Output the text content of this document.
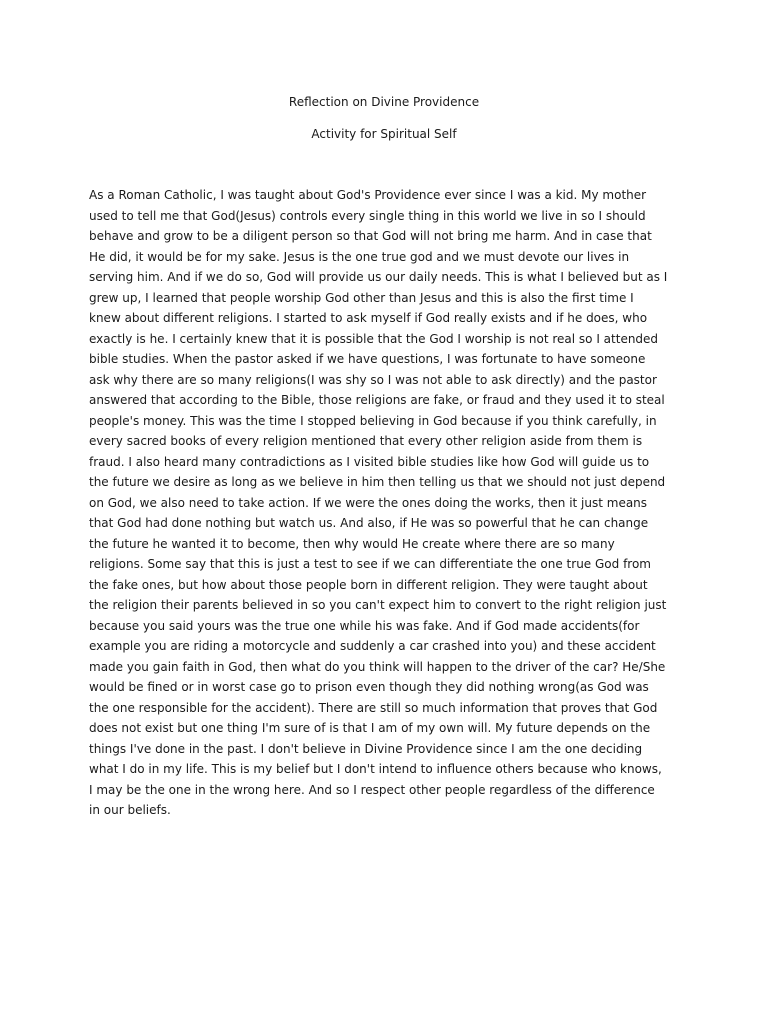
Reflection on Divine Providence
Activity for Spiritual Self
As a Roman Catholic, I was taught about God's Providence ever since I was a kid. My mother
used to tell me that God(Jesus) controls every single thing in this world we live in so I should
behave and grow to be a diligent person so that God will not bring me harm. And in case that
He did, it would be for my sake. Jesus is the one true god and we must devote our lives in
serving him. And if we do so, God will provide us our daily needs. This is what I believed but as I
grew up, I learned that people worship God other than Jesus and this is also the first time I
knew about different religions. I started to ask myself if God really exists and if he does, who
exactly is he. I certainly knew that it is possible that the God I worship is not real so I attended
bible studies. When the pastor asked if we have questions, I was fortunate to have someone
ask why there are so many religions(I was shy so I was not able to ask directly) and the pastor
answered that according to the Bible, those religions are fake, or fraud and they used it to steal
people's money. This was the time I stopped believing in God because if you think carefully, in
every sacred books of every religion mentioned that every other religion aside from them is
fraud. I also heard many contradictions as I visited bible studies like how God will guide us to
the future we desire as long as we believe in him then telling us that we should not just depend
on God, we also need to take action. If we were the ones doing the works, then it just means
that God had done nothing but watch us. And also, if He was so powerful that he can change
the future he wanted it to become, then why would He create where there are so many
religions. Some say that this is just a test to see if we can differentiate the one true God from
the fake ones, but how about those people born in different religion. They were taught about
the religion their parents believed in so you can't expect him to convert to the right religion just
because you said yours was the true one while his was fake. And if God made accidents(for
example you are riding a motorcycle and suddenly a car crashed into you) and these accident
made you gain faith in God, then what do you think will happen to the driver of the car? He/She
would be fined or in worst case go to prison even though they did nothing wrong(as God was
the one responsible for the accident). There are still so much information that proves that God
does not exist but one thing I'm sure of is that I am of my own will. My future depends on the
things I've done in the past. I don't believe in Divine Providence since I am the one deciding
what I do in my life. This is my belief but I don't intend to influence others because who knows,
I may be the one in the wrong here. And so I respect other people regardless of the difference
in our beliefs.
